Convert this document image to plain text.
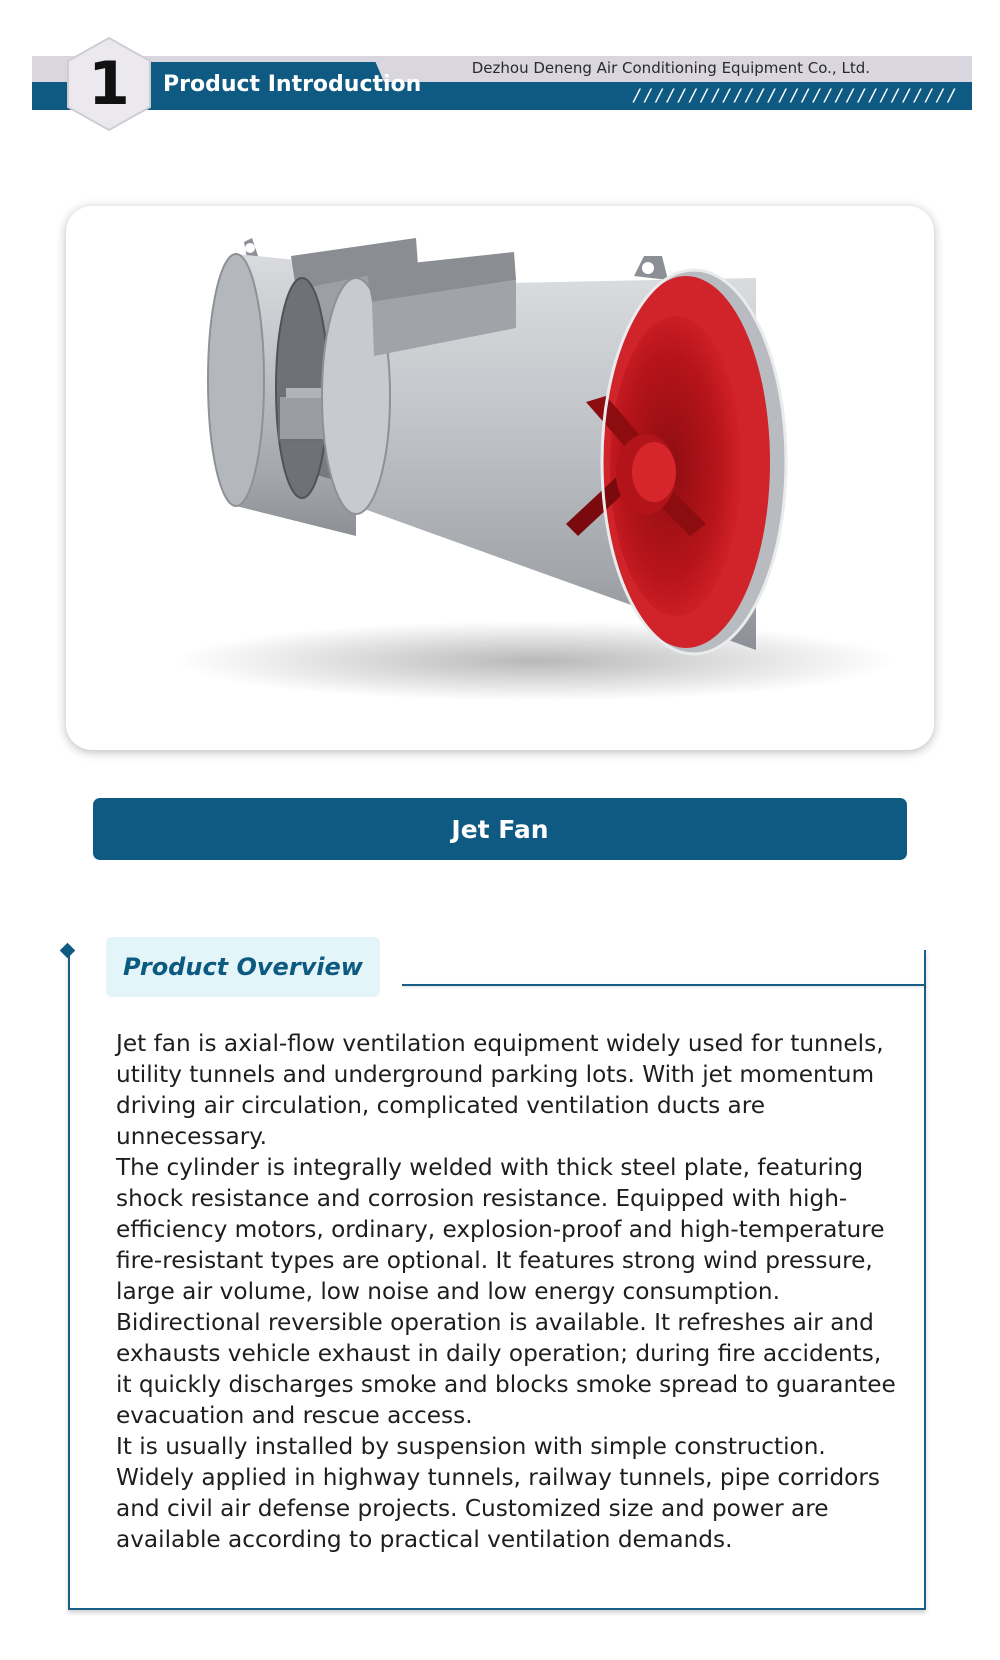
Product Introduction
Dezhou Deneng Air Conditioning Equipment Co., Ltd.
/////////////////////////////
1
Jet Fan
Product Overview

Jet fan is axial-flow ventilation equipment widely used for tunnels, utility tunnels and underground parking lots. With jet momentum driving air circulation, complicated ventilation ducts are unnecessary.

The cylinder is integrally welded with thick steel plate, featuring shock resistance and corrosion resistance. Equipped with high-efficiency motors, ordinary, explosion-proof and high-temperature fire-resistant types are optional. It features strong wind pressure, large air volume, low noise and low energy consumption.

Bidirectional reversible operation is available. It refreshes air and exhausts vehicle exhaust in daily operation; during fire accidents, it quickly discharges smoke and blocks smoke spread to guarantee evacuation and rescue access.

It is usually installed by suspension with simple construction. Widely applied in highway tunnels, railway tunnels, pipe corridors and civil air defense projects. Customized size and power are available according to practical ventilation demands.
